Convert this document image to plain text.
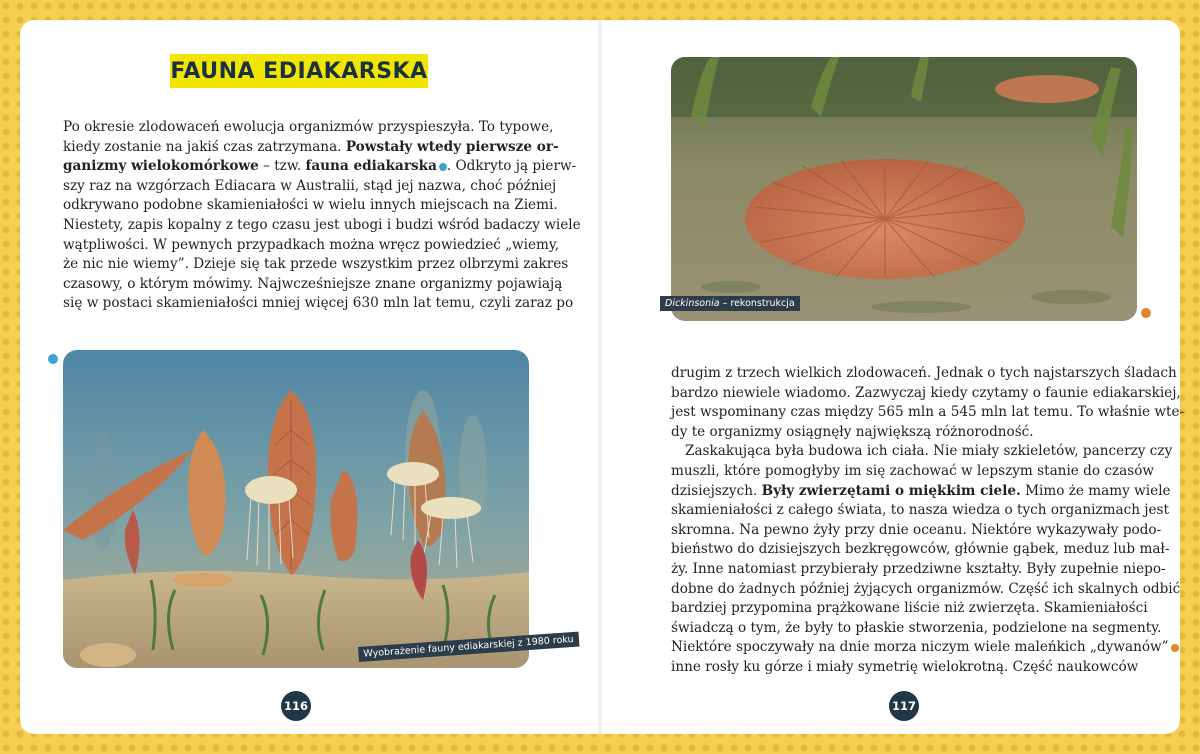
FAUNA EDIAKARSKA
Po okresie zlodowaceń ewolucja organizmów przyspieszyła. To typowe,
kiedy zostanie na jakiś czas zatrzymana. Powstały wtedy pierwsze or-
ganizmy wielokomórkowe – tzw. fauna ediakarska . Odkryto ją pierw-
szy raz na wzgórzach Ediacara w Australii, stąd jej nazwa, choć później
odkrywano podobne skamieniałości w wielu innych miejscach na Ziemi.
Niestety, zapis kopalny z tego czasu jest ubogi i budzi wśród badaczy wiele
wątpliwości. W pewnych przypadkach można wręcz powiedzieć „wiemy,
że nic nie wiemy”. Dzieje się tak przede wszystkim przez olbrzymi zakres
czasowy, o którym mówimy. Najwcześniejsze znane organizmy pojawiają
się w postaci skamieniałości mniej więcej 630 mln lat temu, czyli zaraz po
Wyobrażenie fauny ediakarskiej z 1980 roku
116
Dickinsonia – rekonstrukcja
drugim z trzech wielkich zlodowaceń. Jednak o tych najstarszych śladach
bardzo niewiele wiadomo. Zazwyczaj kiedy czytamy o faunie ediakarskiej,
jest wspominany czas między 565 mln a 545 mln lat temu. To właśnie wte-
dy te organizmy osiągnęły największą różnorodność.
Zaskakująca była budowa ich ciała. Nie miały szkieletów, pancerzy czy
muszli, które pomogłyby im się zachować w lepszym stanie do czasów
dzisiejszych. Były zwierzętami o miękkim ciele. Mimo że mamy wiele
skamieniałości z całego świata, to nasza wiedza o tych organizmach jest
skromna. Na pewno żyły przy dnie oceanu. Niektóre wykazywały podo-
bieństwo do dzisiejszych bezkręgowców, głównie gąbek, meduz lub mał-
ży. Inne natomiast przybierały przedziwne kształty. Były zupełnie niepo-
dobne do żadnych później żyjących organizmów. Część ich skalnych odbić
bardziej przypomina prążkowane liście niż zwierzęta. Skamieniałości
świadczą o tym, że były to płaskie stworzenia, podzielone na segmenty.
Niektóre spoczywały na dnie morza niczym wiele maleńkich „dywanów”
inne rosły ku górze i miały symetrię wielokrotną. Część naukowców
117
